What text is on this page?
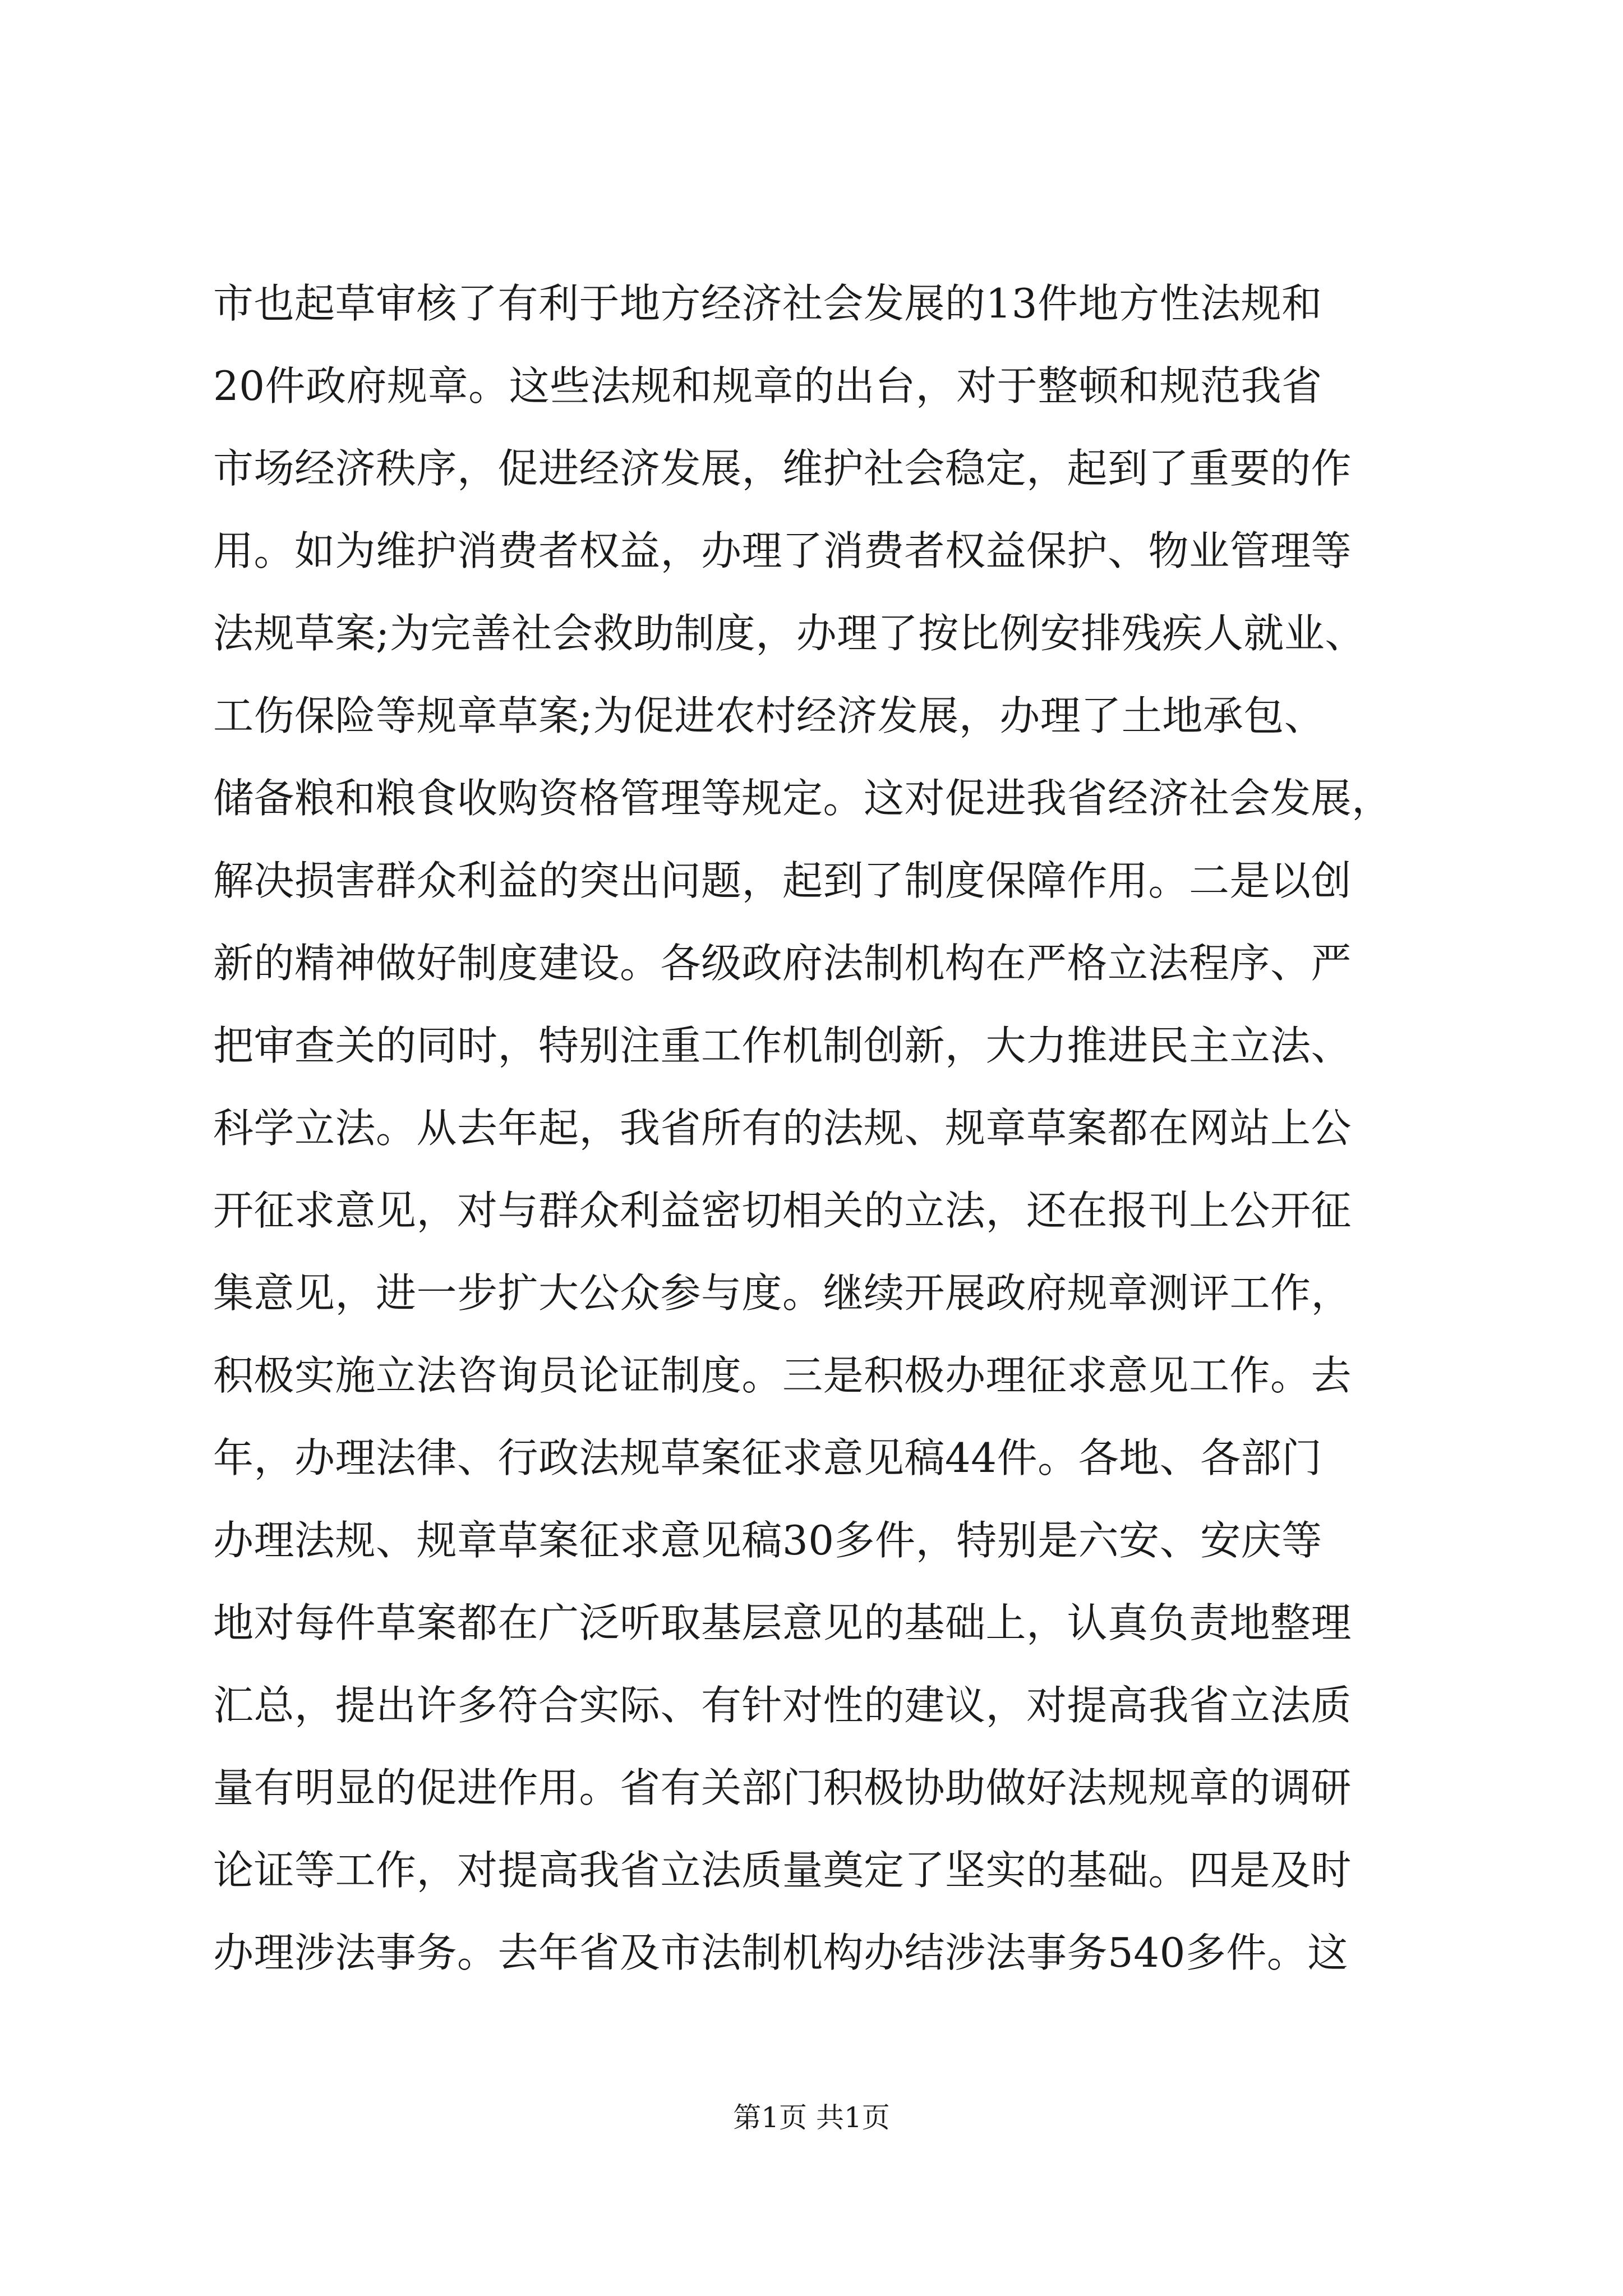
市也起草审核了有利于地方经济社会发展的13件地方性法规和
20件政府规章。这些法规和规章的出台，对于整顿和规范我省
市场经济秩序，促进经济发展，维护社会稳定，起到了重要的作
用。如为维护消费者权益，办理了消费者权益保护、物业管理等
法规草案;为完善社会救助制度，办理了按比例安排残疾人就业、
工伤保险等规章草案;为促进农村经济发展，办理了土地承包、
储备粮和粮食收购资格管理等规定。这对促进我省经济社会发展，
解决损害群众利益的突出问题，起到了制度保障作用。二是以创
新的精神做好制度建设。各级政府法制机构在严格立法程序、严
把审查关的同时，特别注重工作机制创新，大力推进民主立法、
科学立法。从去年起，我省所有的法规、规章草案都在网站上公
开征求意见，对与群众利益密切相关的立法，还在报刊上公开征
集意见，进一步扩大公众参与度。继续开展政府规章测评工作，
积极实施立法咨询员论证制度。三是积极办理征求意见工作。去
年，办理法律、行政法规草案征求意见稿44件。各地、各部门
办理法规、规章草案征求意见稿30多件，特别是六安、安庆等
地对每件草案都在广泛听取基层意见的基础上，认真负责地整理
汇总，提出许多符合实际、有针对性的建议，对提高我省立法质
量有明显的促进作用。省有关部门积极协助做好法规规章的调研
论证等工作，对提高我省立法质量奠定了坚实的基础。四是及时
办理涉法事务。去年省及市法制机构办结涉法事务540多件。这
第1页 共1页
